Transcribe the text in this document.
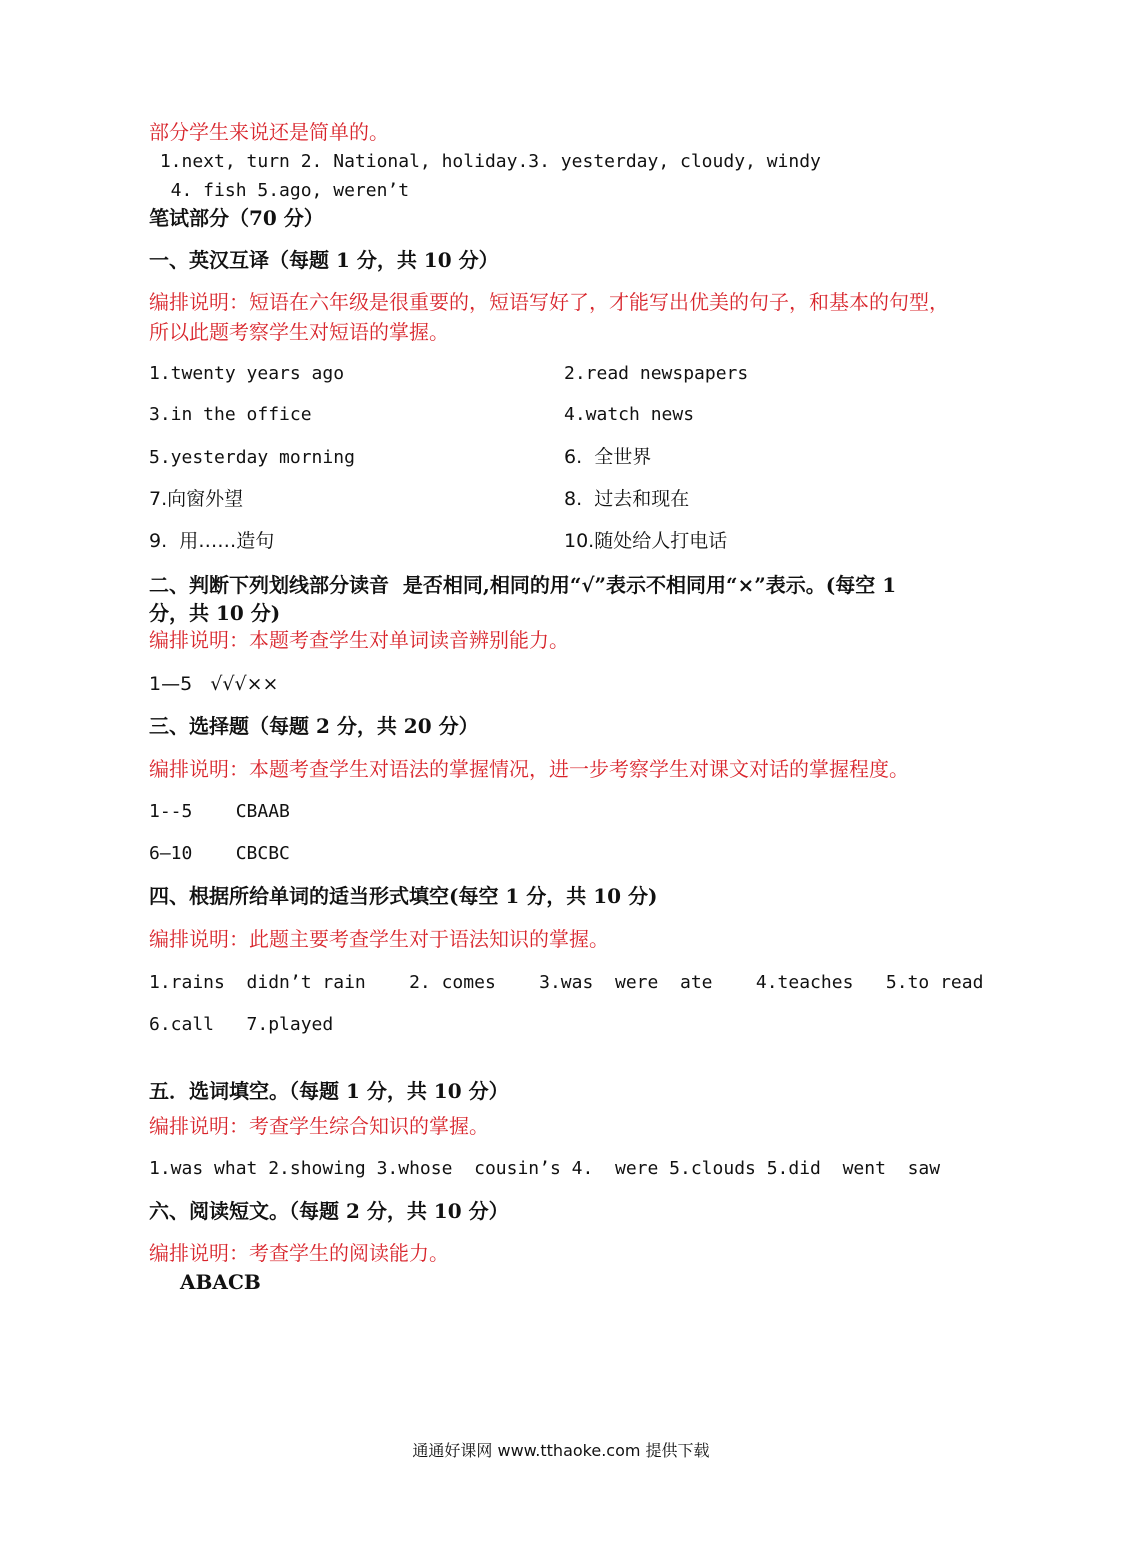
部分学生来说还是简单的。
1.next, turn 2. National, holiday.3. yesterday, cloudy, windy
4. fish 5.ago, weren’t
笔试部分（70 分）
一、英汉互译（每题 1 分，共 10 分）
编排说明：短语在六年级是很重要的，短语写好了，才能写出优美的句子，和基本的句型，
所以此题考察学生对短语的掌握。
1.twenty years ago	2.read newspapers
3.in the office	4.watch news
5.yesterday morning	6.  全世界
7.向窗外望	8.  过去和现在
9.  用……造句	10.随处给人打电话
二、判断下列划线部分读音  是否相同,相同的用“√”表示不相同用“×”表示。(每空 1
分，共 10 分)
编排说明：本题考查学生对单词读音辨别能力。
1—5   √√√××
三、选择题（每题 2 分，共 20 分）
编排说明：本题考查学生对语法的掌握情况，进一步考察学生对课文对话的掌握程度。
1--5    CBAAB
6—10    CBCBC
四、根据所给单词的适当形式填空(每空 1 分，共 10 分)
编排说明：此题主要考查学生对于语法知识的掌握。
1.rains  didn’t rain    2. comes    3.was  were  ate    4.teaches   5.to read
6.call   7.played
五．选词填空。（每题 1 分，共 10 分）
编排说明：考查学生综合知识的掌握。
1.was what 2.showing 3.whose  cousin’s 4.  were 5.clouds 5.did  went  saw
六、阅读短文。（每题 2 分，共 10 分）
编排说明：考查学生的阅读能力。
ABACB
通通好课网 www.tthaoke.com 提供下载
